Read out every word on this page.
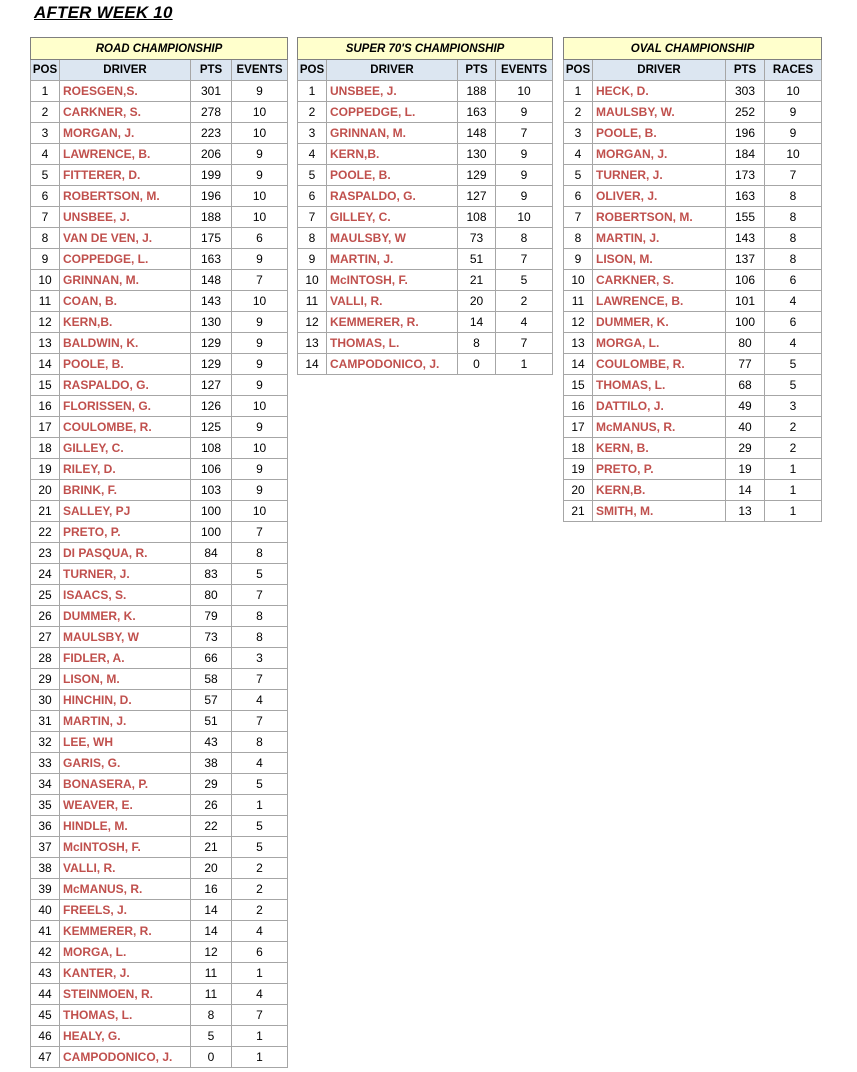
AFTER WEEK 10
ROAD CHAMPIONSHIP			
POS	DRIVER	PTS	EVENTS
1	ROESGEN,S.	301	9
2	CARKNER, S.	278	10
3	MORGAN, J.	223	10
4	LAWRENCE, B.	206	9
5	FITTERER, D.	199	9
6	ROBERTSON, M.	196	10
7	UNSBEE, J.	188	10
8	VAN DE VEN, J.	175	6
9	COPPEDGE, L.	163	9
10	GRINNAN, M.	148	7
11	COAN, B.	143	10
12	KERN,B.	130	9
13	BALDWIN, K.	129	9
14	POOLE, B.	129	9
15	RASPALDO, G.	127	9
16	FLORISSEN, G.	126	10
17	COULOMBE, R.	125	9
18	GILLEY, C.	108	10
19	RILEY, D.	106	9
20	BRINK, F.	103	9
21	SALLEY, PJ	100	10
22	PRETO, P.	100	7
23	DI PASQUA, R.	84	8
24	TURNER, J.	83	5
25	ISAACS, S.	80	7
26	DUMMER, K.	79	8
27	MAULSBY, W	73	8
28	FIDLER, A.	66	3
29	LISON, M.	58	7
30	HINCHIN, D.	57	4
31	MARTIN, J.	51	7
32	LEE, WH	43	8
33	GARIS, G.	38	4
34	BONASERA, P.	29	5
35	WEAVER, E.	26	1
36	HINDLE, M.	22	5
37	McINTOSH, F.	21	5
38	VALLI, R.	20	2
39	McMANUS, R.	16	2
40	FREELS, J.	14	2
41	KEMMERER, R.	14	4
42	MORGA, L.	12	6
43	KANTER, J.	11	1
44	STEINMOEN, R.	11	4
45	THOMAS, L.	8	7
46	HEALY, G.	5	1
47	CAMPODONICO, J.	0	1
SUPER 70'S CHAMPIONSHIP			
POS	DRIVER	PTS	EVENTS
1	UNSBEE, J.	188	10
2	COPPEDGE, L.	163	9
3	GRINNAN, M.	148	7
4	KERN,B.	130	9
5	POOLE, B.	129	9
6	RASPALDO, G.	127	9
7	GILLEY, C.	108	10
8	MAULSBY, W	73	8
9	MARTIN, J.	51	7
10	McINTOSH, F.	21	5
11	VALLI, R.	20	2
12	KEMMERER, R.	14	4
13	THOMAS, L.	8	7
14	CAMPODONICO, J.	0	1
OVAL CHAMPIONSHIP			
POS	DRIVER	PTS	RACES
1	HECK, D.	303	10
2	MAULSBY, W.	252	9
3	POOLE, B.	196	9
4	MORGAN, J.	184	10
5	TURNER, J.	173	7
6	OLIVER, J.	163	8
7	ROBERTSON, M.	155	8
8	MARTIN, J.	143	8
9	LISON, M.	137	8
10	CARKNER, S.	106	6
11	LAWRENCE, B.	101	4
12	DUMMER, K.	100	6
13	MORGA, L.	80	4
14	COULOMBE, R.	77	5
15	THOMAS, L.	68	5
16	DATTILO, J.	49	3
17	McMANUS, R.	40	2
18	KERN, B.	29	2
19	PRETO, P.	19	1
20	KERN,B.	14	1
21	SMITH, M.	13	1
